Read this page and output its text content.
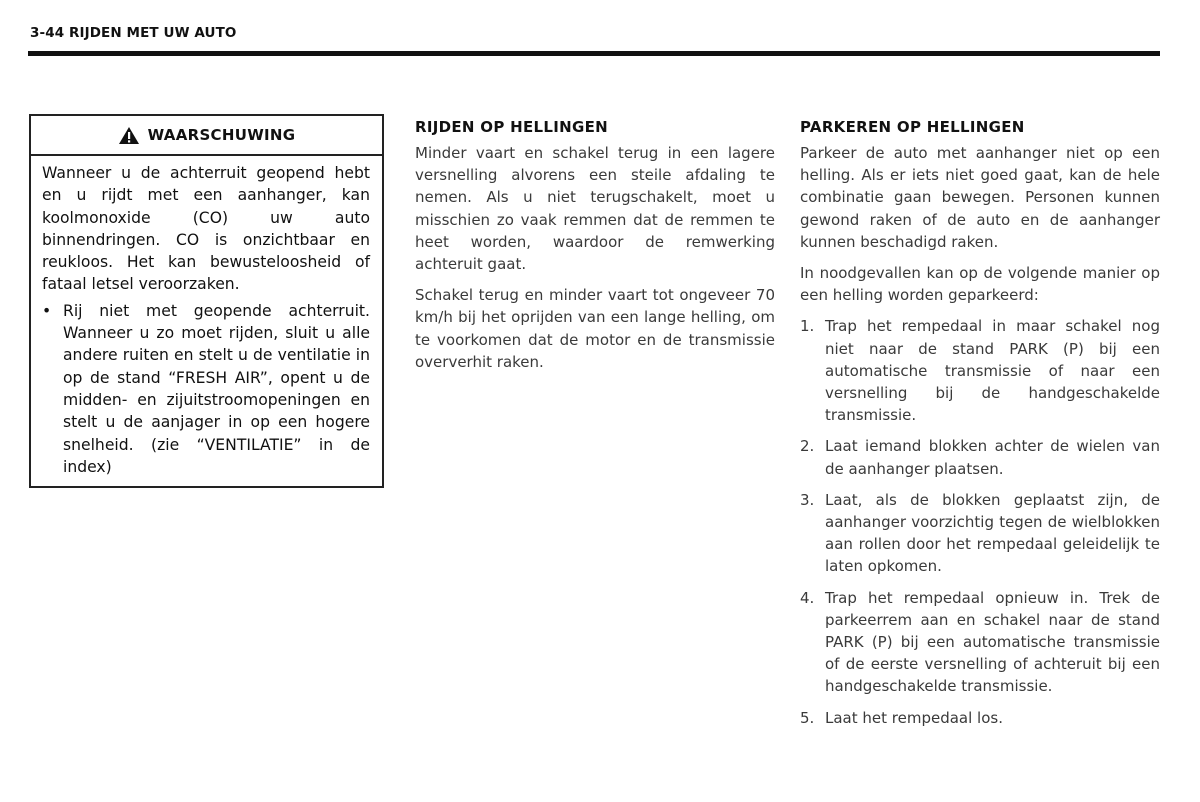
3-44 RIJDEN MET UW AUTO
WAARSCHUWING

Wanneer u de achterruit geopend hebt en u rijdt met een aanhanger, kan koolmonoxide (CO) uw auto binnendringen. CO is onzichtbaar en reukloos. Het kan bewusteloosheid of fataal letsel veroorzaken.

• Rij niet met geopende achterruit. Wanneer u zo moet rijden, sluit u alle andere ruiten en stelt u de ventilatie in op de stand “FRESH AIR”, opent u de midden- en zijuitstroomopeningen en stelt u de aanjager in op een hogere snelheid. (zie “VENTILATIE” in de index)
RIJDEN OP HELLINGEN

Minder vaart en schakel terug in een lagere versnelling alvorens een steile afdaling te nemen. Als u niet terugschakelt, moet u misschien zo vaak remmen dat de remmen te heet worden, waardoor de remwerking achteruit gaat.

Schakel terug en minder vaart tot ongeveer 70 km/h bij het oprijden van een lange helling, om te voorkomen dat de motor en de transmissie oververhit raken.

PARKEREN OP HELLINGEN

Parkeer de auto met aanhanger niet op een helling. Als er iets niet goed gaat, kan de hele combinatie gaan bewegen. Personen kunnen gewond raken of de auto en de aanhanger kunnen beschadigd raken.

In noodgevallen kan op de volgende manier op een helling worden geparkeerd:

1. Trap het rempedaal in maar schakel nog niet naar de stand PARK (P) bij een automatische transmissie of naar een versnelling bij de handgeschakelde transmissie.
2. Laat iemand blokken achter de wielen van de aanhanger plaatsen.
3. Laat, als de blokken geplaatst zijn, de aanhanger voorzichtig tegen de wielblokken aan rollen door het rempedaal geleidelijk te laten opkomen.
4. Trap het rempedaal opnieuw in. Trek de parkeerrem aan en schakel naar de stand PARK (P) bij een automatische transmissie of de eerste versnelling of achteruit bij een handgeschakelde transmissie.
5. Laat het rempedaal los.
